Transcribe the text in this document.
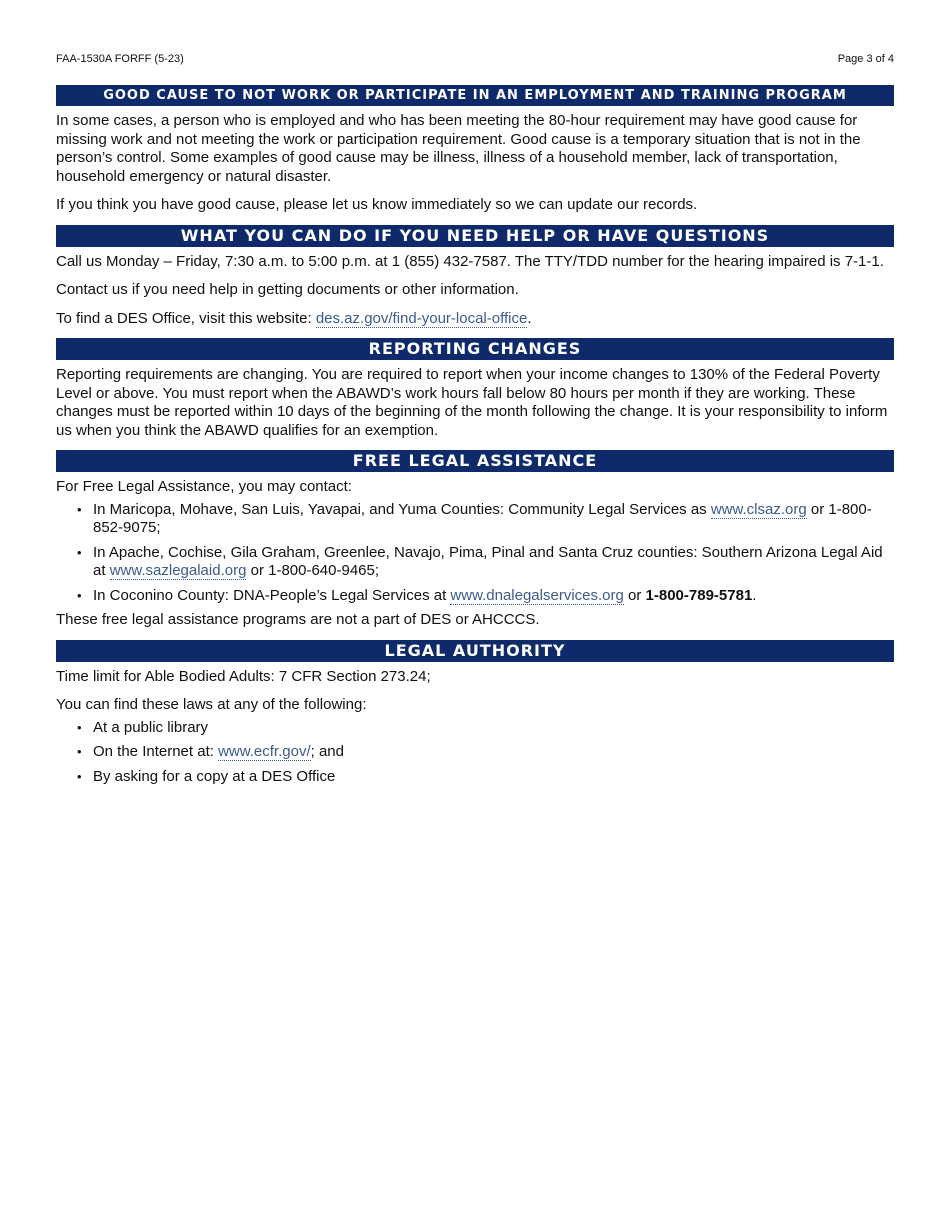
FAA-1530A FORFF (5-23)	Page 3 of 4
GOOD CAUSE TO NOT WORK OR PARTICIPATE IN AN EMPLOYMENT AND TRAINING PROGRAM

In some cases, a person who is employed and who has been meeting the 80-hour requirement may have good cause for missing work and not meeting the work or participation requirement. Good cause is a temporary situation that is not in the person’s control. Some examples of good cause may be illness, illness of a household member, lack of transportation, household emergency or natural disaster.

If you think you have good cause, please let us know immediately so we can update our records.

WHAT YOU CAN DO IF YOU NEED HELP OR HAVE QUESTIONS

Call us Monday – Friday, 7:30 a.m. to 5:00 p.m. at 1 (855) 432-7587. The TTY/TDD number for the hearing impaired is 7-1-1.

Contact us if you need help in getting documents or other information.

To find a DES Office, visit this website: des.az.gov/find-your-local-office.

REPORTING CHANGES

Reporting requirements are changing. You are required to report when your income changes to 130% of the Federal Poverty Level or above. You must report when the ABAWD’s work hours fall below 80 hours per month if they are working. These changes must be reported within 10 days of the beginning of the month following the change. It is your responsibility to inform us when you think the ABAWD qualifies for an exemption.

FREE LEGAL ASSISTANCE

For Free Legal Assistance, you may contact:

• In Maricopa, Mohave, San Luis, Yavapai, and Yuma Counties: Community Legal Services as www.clsaz.org or 1-800-852-9075;
• In Apache, Cochise, Gila Graham, Greenlee, Navajo, Pima, Pinal and Santa Cruz counties: Southern Arizona Legal Aid at www.sazlegalaid.org or 1-800-640-9465;
• In Coconino County: DNA-People’s Legal Services at www.dnalegalservices.org or 1-800-789-5781.

These free legal assistance programs are not a part of DES or AHCCCS.

LEGAL AUTHORITY

Time limit for Able Bodied Adults: 7 CFR Section 273.24;

You can find these laws at any of the following:

• At a public library
• On the Internet at: www.ecfr.gov/; and
• By asking for a copy at a DES Office
